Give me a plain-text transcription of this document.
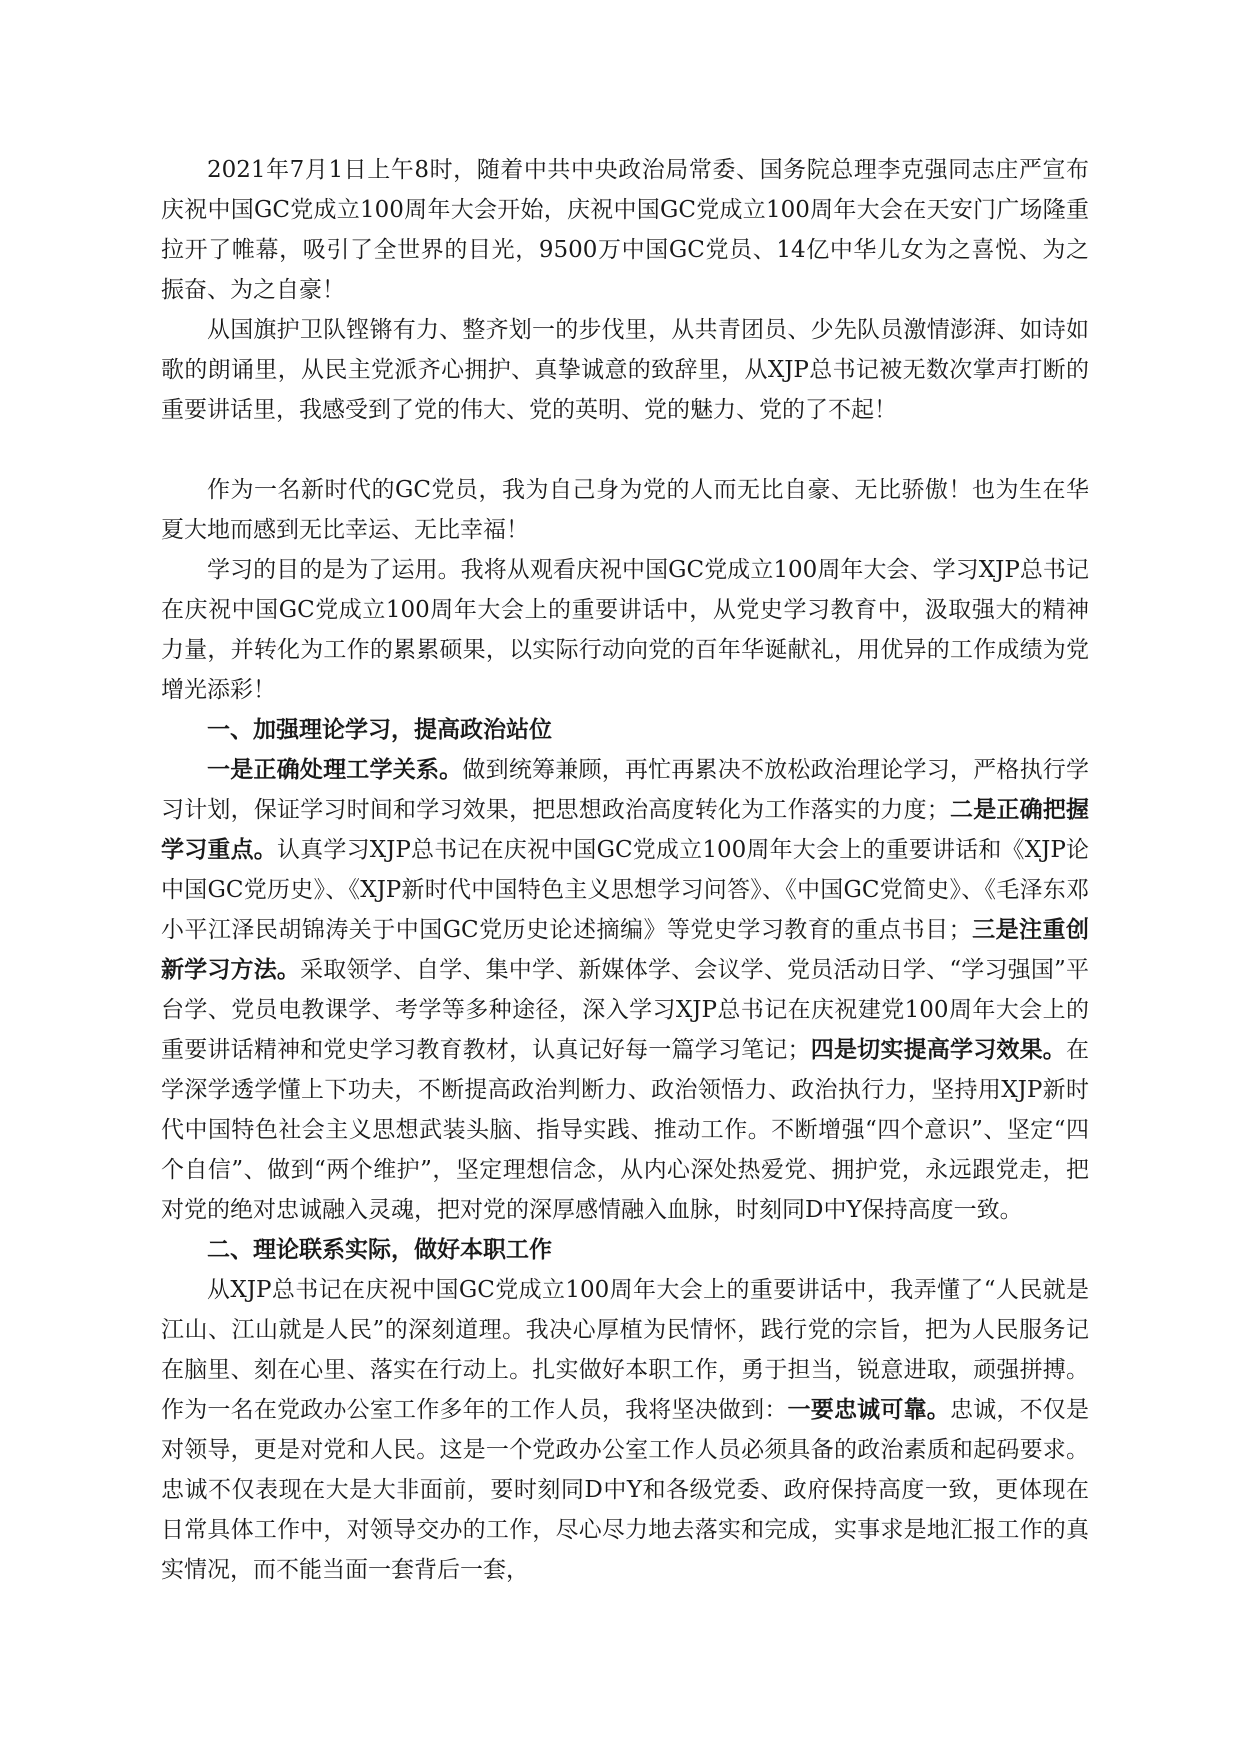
2021年7月1日上午8时，随着中共中央政治局常委、国务院总理李克强同志庄严宣布庆祝中国GC党成立100周年大会开始，庆祝中国GC党成立100周年大会在天安门广场隆重拉开了帷幕，吸引了全世界的目光，9500万中国GC党员、14亿中华儿女为之喜悦、为之振奋、为之自豪！

从国旗护卫队铿锵有力、整齐划一的步伐里，从共青团员、少先队员激情澎湃、如诗如歌的朗诵里，从民主党派齐心拥护、真挚诚意的致辞里，从XJP总书记被无数次掌声打断的重要讲话里，我感受到了党的伟大、党的英明、党的魅力、党的了不起！

作为一名新时代的GC党员，我为自己身为党的人而无比自豪、无比骄傲！也为生在华夏大地而感到无比幸运、无比幸福！

学习的目的是为了运用。我将从观看庆祝中国GC党成立100周年大会、学习XJP总书记在庆祝中国GC党成立100周年大会上的重要讲话中，从党史学习教育中，汲取强大的精神力量，并转化为工作的累累硕果，以实际行动向党的百年华诞献礼，用优异的工作成绩为党增光添彩！

一、加强理论学习，提高政治站位

一是正确处理工学关系。做到统筹兼顾，再忙再累决不放松政治理论学习，严格执行学习计划，保证学习时间和学习效果，把思想政治高度转化为工作落实的力度；二是正确把握学习重点。认真学习XJP总书记在庆祝中国GC党成立100周年大会上的重要讲话和《XJP论中国GC党历史》、《XJP新时代中国特色主义思想学习问答》、《中国GC党简史》、《毛泽东邓小平江泽民胡锦涛关于中国GC党历史论述摘编》等党史学习教育的重点书目；三是注重创新学习方法。采取领学、自学、集中学、新媒体学、会议学、党员活动日学、“学习强国”平台学、党员电教课学、考学等多种途径，深入学习XJP总书记在庆祝建党100周年大会上的重要讲话精神和党史学习教育教材，认真记好每一篇学习笔记；四是切实提高学习效果。在学深学透学懂上下功夫，不断提高政治判断力、政治领悟力、政治执行力，坚持用XJP新时代中国特色社会主义思想武装头脑、指导实践、推动工作。不断增强“四个意识”、坚定“四个自信”、做到“两个维护”，坚定理想信念，从内心深处热爱党、拥护党，永远跟党走，把对党的绝对忠诚融入灵魂，把对党的深厚感情融入血脉，时刻同D中Y保持高度一致。

二、理论联系实际，做好本职工作

从XJP总书记在庆祝中国GC党成立100周年大会上的重要讲话中，我弄懂了“人民就是江山、江山就是人民”的深刻道理。我决心厚植为民情怀，践行党的宗旨，把为人民服务记在脑里、刻在心里、落实在行动上。扎实做好本职工作，勇于担当，锐意进取，顽强拼搏。作为一名在党政办公室工作多年的工作人员，我将坚决做到：一要忠诚可靠。忠诚，不仅是对领导，更是对党和人民。这是一个党政办公室工作人员必须具备的政治素质和起码要求。忠诚不仅表现在大是大非面前，要时刻同D中Y和各级党委、政府保持高度一致，更体现在日常具体工作中，对领导交办的工作，尽心尽力地去落实和完成，实事求是地汇报工作的真实情况，而不能当面一套背后一套，
